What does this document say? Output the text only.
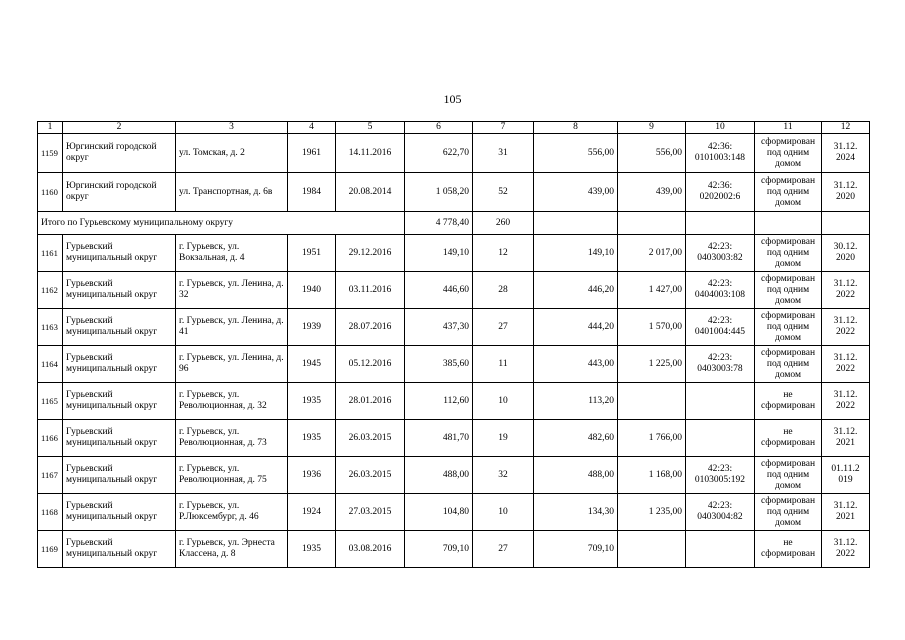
105
1	2	3	4	5	6	7	8	9	10	11	12
1159	Юргинский городской округ	ул. Томская, д. 2	1961	14.11.2016	622,70	31	556,00	556,00	42:36: 0101003:148	сформирован под одним домом	31.12. 2024
1160	Юргинский городской округ	ул. Транспортная, д. 6в	1984	20.08.2014	1 058,20	52	439,00	439,00	42:36: 0202002:6	сформирован под одним домом	31.12. 2020
Итого по Гурьевскому муниципальному округу					4 778,40	260					
1161	Гурьевский муниципальный округ	г. Гурьевск, ул. Вокзальная, д. 4	1951	29.12.2016	149,10	12	149,10	2 017,00	42:23: 0403003:82	сформирован под одним домом	30.12. 2020
1162	Гурьевский муниципальный округ	г. Гурьевск, ул. Ленина, д. 32	1940	03.11.2016	446,60	28	446,20	1 427,00	42:23: 0404003:108	сформирован под одним домом	31.12. 2022
1163	Гурьевский муниципальный округ	г. Гурьевск, ул. Ленина, д. 41	1939	28.07.2016	437,30	27	444,20	1 570,00	42:23: 0401004:445	сформирован под одним домом	31.12. 2022
1164	Гурьевский муниципальный округ	г. Гурьевск, ул. Ленина, д. 96	1945	05.12.2016	385,60	11	443,00	1 225,00	42:23: 0403003:78	сформирован под одним домом	31.12. 2022
1165	Гурьевский муниципальный округ	г. Гурьевск, ул. Революционная, д. 32	1935	28.01.2016	112,60	10	113,20			не сформирован	31.12. 2022
1166	Гурьевский муниципальный округ	г. Гурьевск, ул. Революционная, д. 73	1935	26.03.2015	481,70	19	482,60	1 766,00		не сформирован	31.12. 2021
1167	Гурьевский муниципальный округ	г. Гурьевск, ул. Революционная, д. 75	1936	26.03.2015	488,00	32	488,00	1 168,00	42:23: 0103005:192	сформирован под одним домом	01.11.2 019
1168	Гурьевский муниципальный округ	г. Гурьевск, ул. Р.Люксембург, д. 46	1924	27.03.2015	104,80	10	134,30	1 235,00	42:23: 0403004:82	сформирован под одним домом	31.12. 2021
1169	Гурьевский муниципальный округ	г. Гурьевск, ул. Эрнеста Классена, д. 8	1935	03.08.2016	709,10	27	709,10			не сформирован	31.12. 2022
